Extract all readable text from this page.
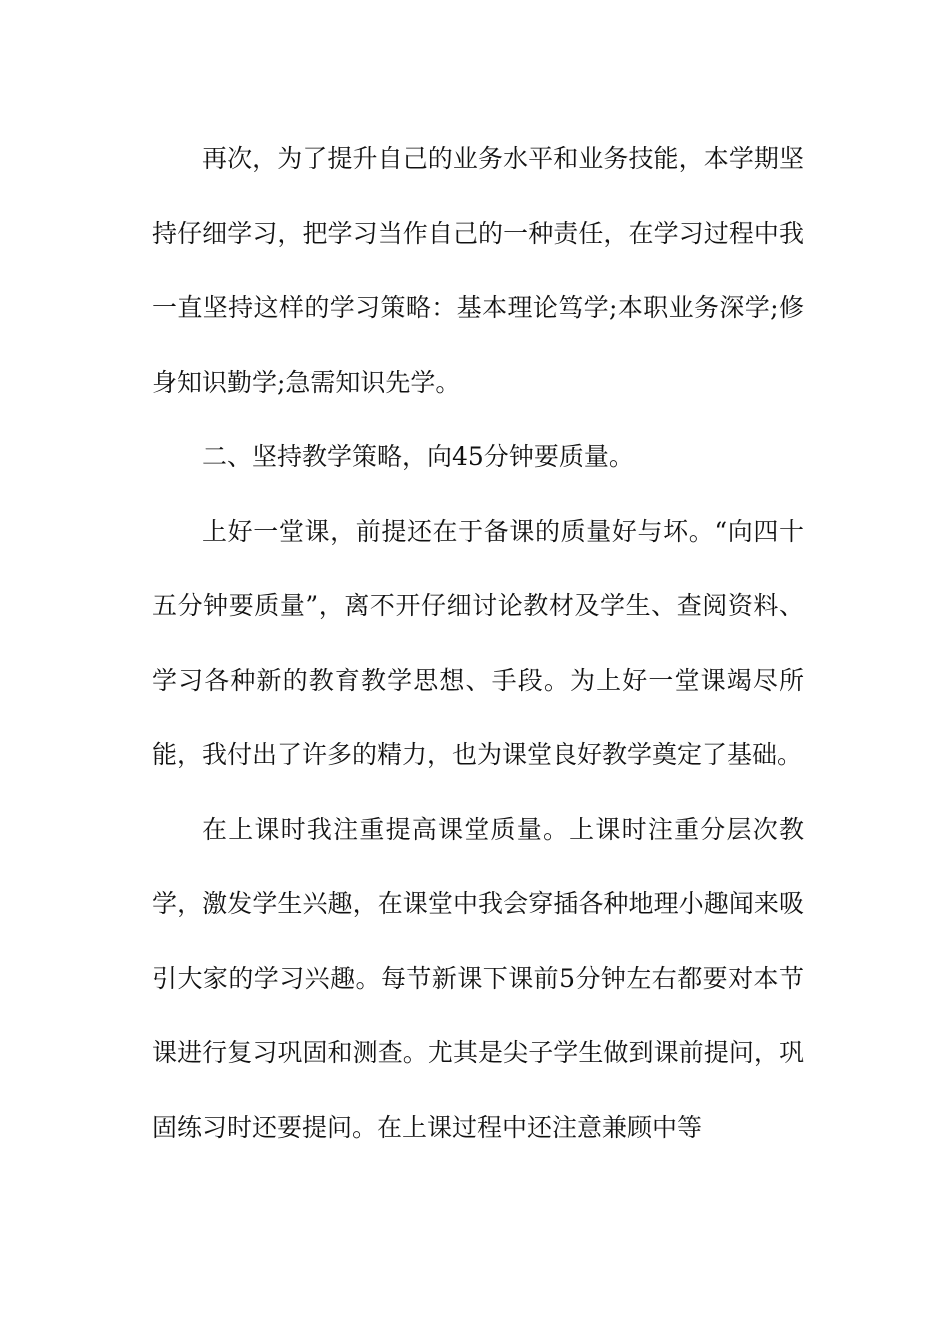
再次，为了提升自己的业务水平和业务技能，本学期坚持仔细学习，把学习当作自己的一种责任，在学习过程中我一直坚持这样的学习策略：基本理论笃学;本职业务深学;修身知识勤学;急需知识先学。

二、坚持教学策略，向45分钟要质量。

上好一堂课，前提还在于备课的质量好与坏。“向四十五分钟要质量”，离不开仔细讨论教材及学生、查阅资料、学习各种新的教育教学思想、手段。为上好一堂课竭尽所能，我付出了许多的精力，也为课堂良好教学奠定了基础。

在上课时我注重提高课堂质量。上课时注重分层次教学，激发学生兴趣，在课堂中我会穿插各种地理小趣闻来吸引大家的学习兴趣。每节新课下课前5分钟左右都要对本节课进行复习巩固和测查。尤其是尖子学生做到课前提问，巩固练习时还要提问。在上课过程中还注意兼顾中等
